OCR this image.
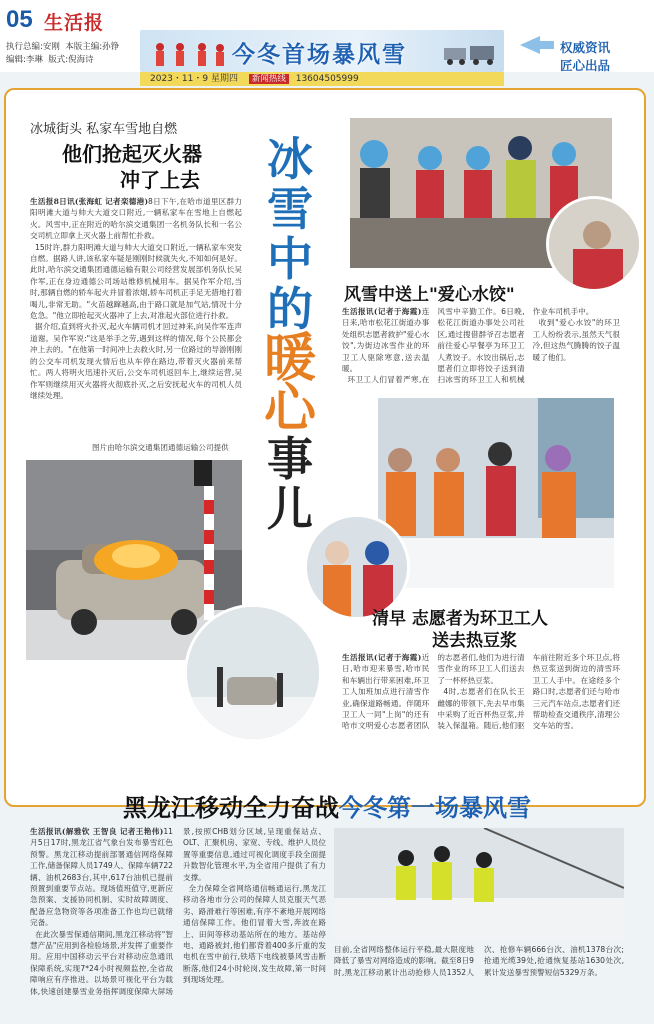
05 生活报
执行总编:安刚 本版主编:孙铮
编辑:李琳 版式:倪海诗	今冬首场暴风雪
2023・11・9 星期四 新闻热线 13604505999
权威资讯
匠心出品
冰城街头 私家车雪地自燃
他们抢起灭火器
冲了上去
生活报8日讯(张海虹 记者栾德港)8日下午,在哈市道里区群力阳明滩大道与帅大大道交口附近,一辆私家车在雪地上自燃起火。风雪中,正在附近的哈尔滨交通集团一名机务队长和一名公交司机立即拿上灭火器上前帮忙扑救。
15时许,群力阳明滩大道与帅大大道交口附近,一辆私家车突发自燃。据路人讲,该私家车疑是刚刚时候就失火,不知如何是好。此时,哈尔滨交通集团通德运输有限公司经营发展部机务队长吴作军,正在身边通德公司场站维修机械用车。据吴作军介绍,当时,那辆自燃的轿车起火并冒着浓烟,轿车司机正手足无措地打着喝儿,非常无助。"火苗越蹿越高,由于路口就是加气站,情况十分危急。"他立即抢起灭火器冲了上去,对准起火部位进行扑救。
据介绍,直到将火扑灭,起火车辆司机才回过神来,向吴作军连声道谢。吴作军说:"这是举手之劳,遇到这样的情况,每个公民都会冲上去的。"在他第一时间冲上去救火时,另一位路过的导游刚刚的公交车司机发现火情后也从车停在路边,带着灭火器前来帮忙。两人将明火迅速扑灭后,公交车司机返回车上,继续运营,吴作军则继续用灭火器将火彻底扑灭,之后安抚起火车的司机人员继续处理。
图片由哈尔滨交通集团通德运输公司提供
冰
雪
中
的
暖
心
事
儿
风雪中送上"爱心水饺"
生活报讯(记者于海霞)连日来,哈市松花江街道办事处组织志愿者救护"爱心水饺",为街边冰雪作业的环卫工人驱除寒意,送去温暖。
环卫工人们冒着严寒,在风雪中辛勤工作。6日晚,松花江街道办事处公司社区,通过搜借群爷召志愿者前往爱心早餐亭为环卫工人煮饺子。水饺出锅后,志愿者们立即将饺子送到清扫冰雪的环卫工人和机械作业车司机手中。
收到"爱心水饺"的环卫工人纷纷表示,虽然天气很冷,但这热气腾腾的饺子温暖了他们。
清早 志愿者为环卫工人
送去热豆浆
生活报讯(记者于海霞)近日,哈市迎来暴雪,哈市民和车辆出行带来困难,环卫工人加班加点进行清雪作业,确保道路畅通。伴随环卫工人一同"上岗"的还有哈市文明爱心志愿者团队的志愿者们,他们为进行清雪作业的环卫工人们送去了一杯杯热豆浆。
4时,志愿者们在队长王雌娜的带领下,先去早市集中采购了近百杯热豆浆,并装入保温箱。随后,他们驱车前往附近多个环卫点,将热豆浆送到街边的清雪环卫工人手中。在途经多个路口时,志愿者们还与哈市三元汽车站点,志愿者们还帮助检查交通秩序,清理公交车站的雪。
黑龙江移动全力奋战今冬第一场暴风雪
生活报讯(解雅钦 王智良 记者王艳伟)11月5日17时,黑龙江省气象台发布暴雪红色预警。黑龙江移动提前部署通信网络保障工作,储备保障人员1749人、保障车辆722辆、油机2683台,其中,617台油机已提前预置到重要节点站。现场值班值守,更新应急预案、支援协同机制、实时故障调度、配备应急物资等各项准备工作也均已就绪完备。
在此次暴雪保通信期间,黑龙江移动将"智慧产品"应用到各检验场景,并发挥了重要作用。应用中国移动云平台对移动应急通讯保障系统,实现7*24小时视频监控,全省故障响应有序推进。以场景可视化平台为载体,快速创建暴雪业务指挥调度保障大屏场景,按照CHB划分区域,呈现重保站点、OLT、汇聚机房、家宽、专线、维护人员位置等重要信息,通过可视化调度手段全面提升数智化管理水平,为全省用户提供了有力支撑。
全力保障全省网络通信畅通运行,黑龙江移动各地市分公司的保障人员克服天气恶劣、路滑难行等困难,有序不紊地开展网络通信保障工作。他们冒着大雪,奔波在路上、田间等移动基站所在的地方。基站停电、通路被封,他们都背着400多斤重的发电机在雪中前行,铁塔下电线被暴风雪击断断落,他们24小时轮岗,发生故障,第一时间到现场处理。
目前,全省网络整体运行平稳,最大限度地降低了暴雪对网络造成的影响。截至8日9时,黑龙江移动累计出动抢修人员1352人次、抢修车辆666台次、油机1378台次;抢通光缆39处,抢通恢复基站1630处次,累计发送暴雪预警短信5329万条。
